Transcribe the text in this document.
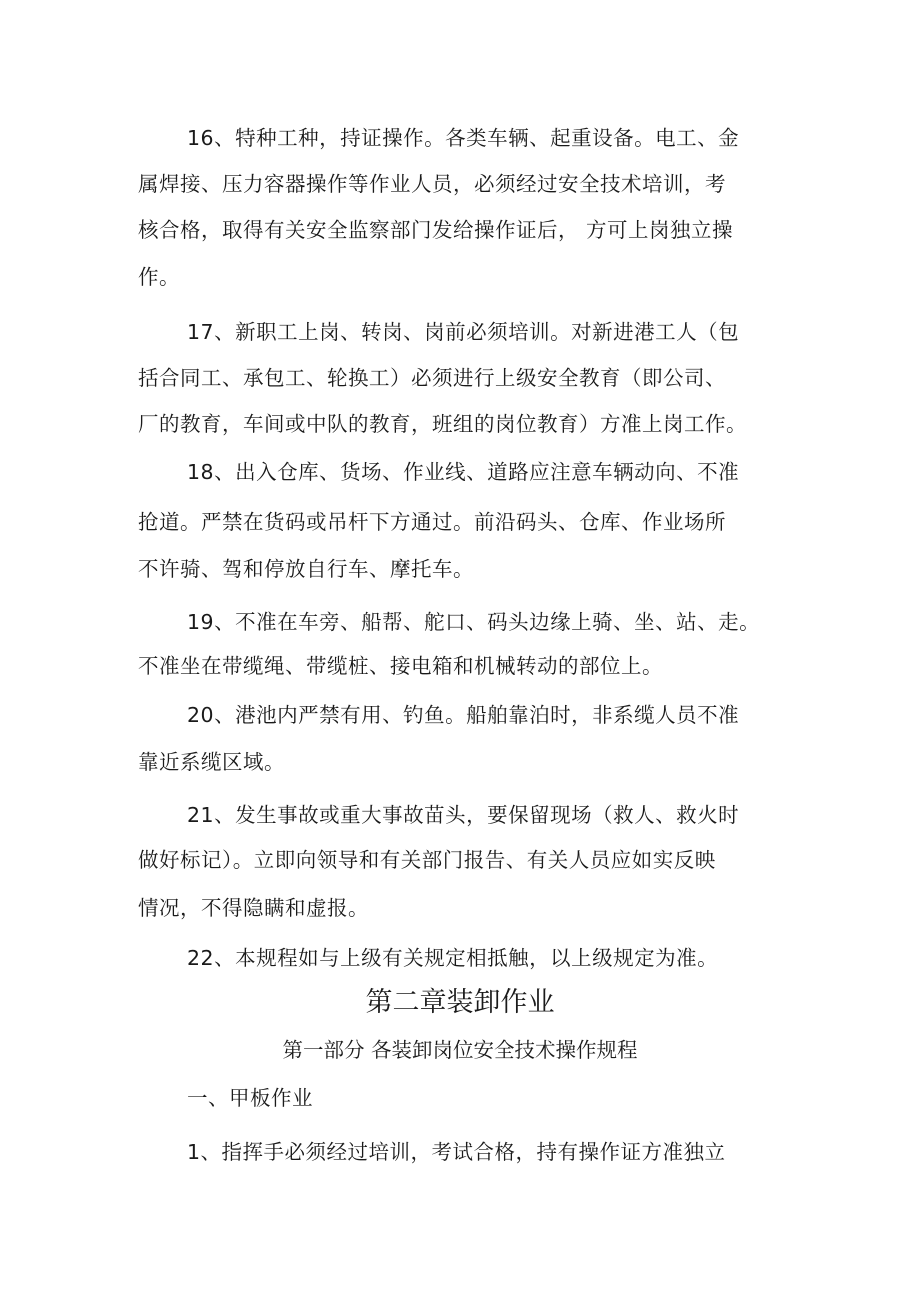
16、特种工种，持证操作。各类车辆、起重设备。电工、金
属焊接、压力容器操作等作业人员，必须经过安全技术培训，考
核合格，取得有关安全监察部门发给操作证后， 方可上岗独立操
作。
17、新职工上岗、转岗、岗前必须培训。对新进港工人（包
括合同工、承包工、轮换工）必须进行上级安全教育（即公司、
厂的教育，车间或中队的教育，班组的岗位教育）方准上岗工作。
18、出入仓库、货场、作业线、道路应注意车辆动向、不准
抢道。严禁在货码或吊杆下方通过。前沿码头、仓库、作业场所
不许骑、驾和停放自行车、摩托车。
19、不准在车旁、船帮、舵口、码头边缘上骑、坐、站、走。
不准坐在带缆绳、带缆桩、接电箱和机械转动的部位上。
20、港池内严禁有用、钓鱼。船舶靠泊时，非系缆人员不准
靠近系缆区域。
21、发生事故或重大事故苗头，要保留现场（救人、救火时
做好标记）。立即向领导和有关部门报告、有关人员应如实反映
情况，不得隐瞒和虚报。
22、本规程如与上级有关规定相抵触，以上级规定为准。
第二章装卸作业
第一部分 各装卸岗位安全技术操作规程
一、甲板作业
1、指挥手必须经过培训，考试合格，持有操作证方准独立
